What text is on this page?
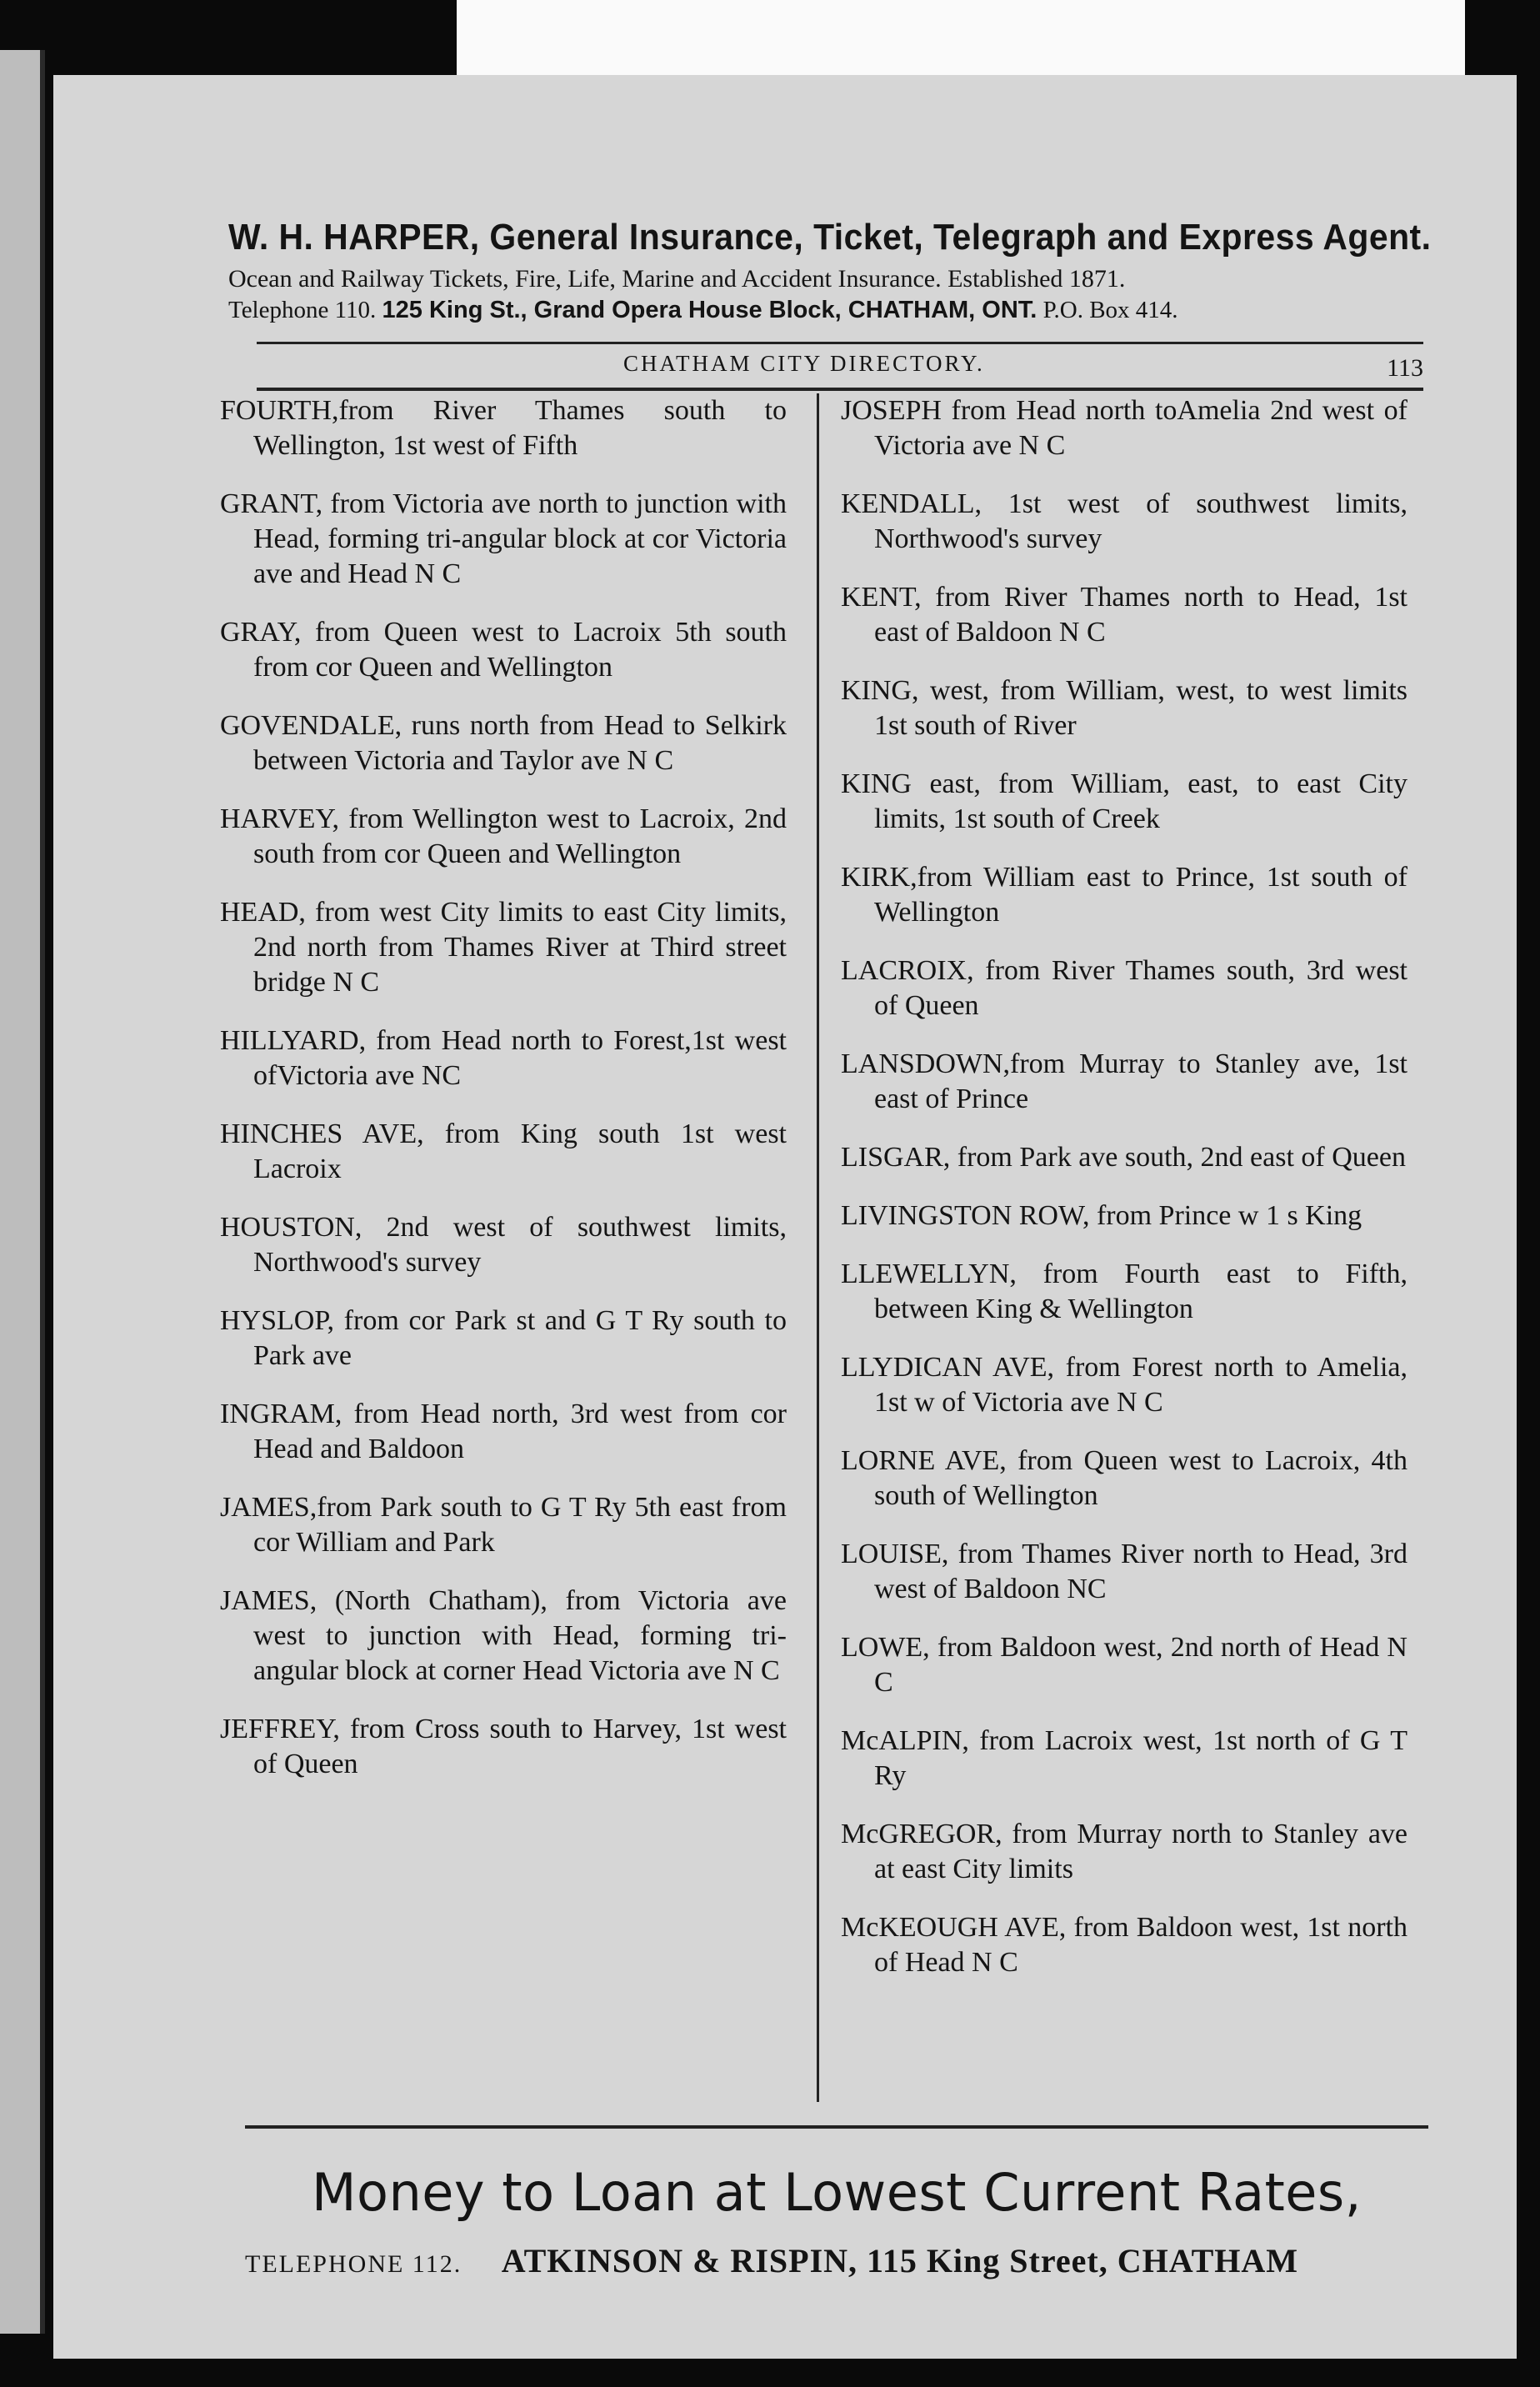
W. H. HARPER, General Insurance, Ticket, Telegraph and Express Agent.
Ocean and Railway Tickets, Fire, Life, Marine and Accident Insurance. Established 1871.
Telephone 110. 125 King St., Grand Opera House Block, CHATHAM, ONT. P.O. Box 414.
CHATHAM CITY DIRECTORY.	113

FOURTH,from River Thames south to Wellington, 1st west of Fifth

GRANT, from Victoria ave north to junction with Head, forming tri-angular block at cor Victoria ave and Head N C

GRAY, from Queen west to Lacroix 5th south from cor Queen and Wellington

GOVENDALE, runs north from Head to Selkirk between Victoria and Taylor ave N C

HARVEY, from Wellington west to Lacroix, 2nd south from cor Queen and Wellington

HEAD, from west City limits to east City limits, 2nd north from Thames River at Third street bridge N C

HILLYARD, from Head north to Forest,1st west ofVictoria ave NC

HINCHES AVE, from King south 1st west Lacroix

HOUSTON, 2nd west of southwest limits, Northwood's survey

HYSLOP, from cor Park st and G T Ry south to Park ave

INGRAM, from Head north, 3rd west from cor Head and Baldoon

JAMES,from Park south to G T Ry 5th east from cor William and Park

JAMES, (North Chatham), from Victoria ave west to junction with Head, forming tri-angular block at corner Head Victoria ave N C

JEFFREY, from Cross south to Harvey, 1st west of Queen

JOSEPH from Head north toAmelia 2nd west of Victoria ave N C

KENDALL, 1st west of southwest limits, Northwood's survey

KENT, from River Thames north to Head, 1st east of Baldoon N C

KING, west, from William, west, to west limits 1st south of River

KING east, from William, east, to east City limits, 1st south of Creek

KIRK,from William east to Prince, 1st south of Wellington

LACROIX, from River Thames south, 3rd west of Queen

LANSDOWN,from Murray to Stanley ave, 1st east of Prince

LISGAR, from Park ave south, 2nd east of Queen

LIVINGSTON ROW, from Prince w 1 s King

LLEWELLYN, from Fourth east to Fifth, between King & Wellington

LLYDICAN AVE, from Forest north to Amelia, 1st w of Victoria ave N C

LORNE AVE, from Queen west to Lacroix, 4th south of Wellington

LOUISE, from Thames River north to Head, 3rd west of Baldoon NC

LOWE, from Baldoon west, 2nd north of Head N C

McALPIN, from Lacroix west, 1st north of G T Ry

McGREGOR, from Murray north to Stanley ave at east City limits

McKEOUGH AVE, from Baldoon west, 1st north of Head N C

Money to Loan at Lowest Current Rates,
TELEPHONE 112. ATKINSON & RISPIN, 115 King Street, CHATHAM
